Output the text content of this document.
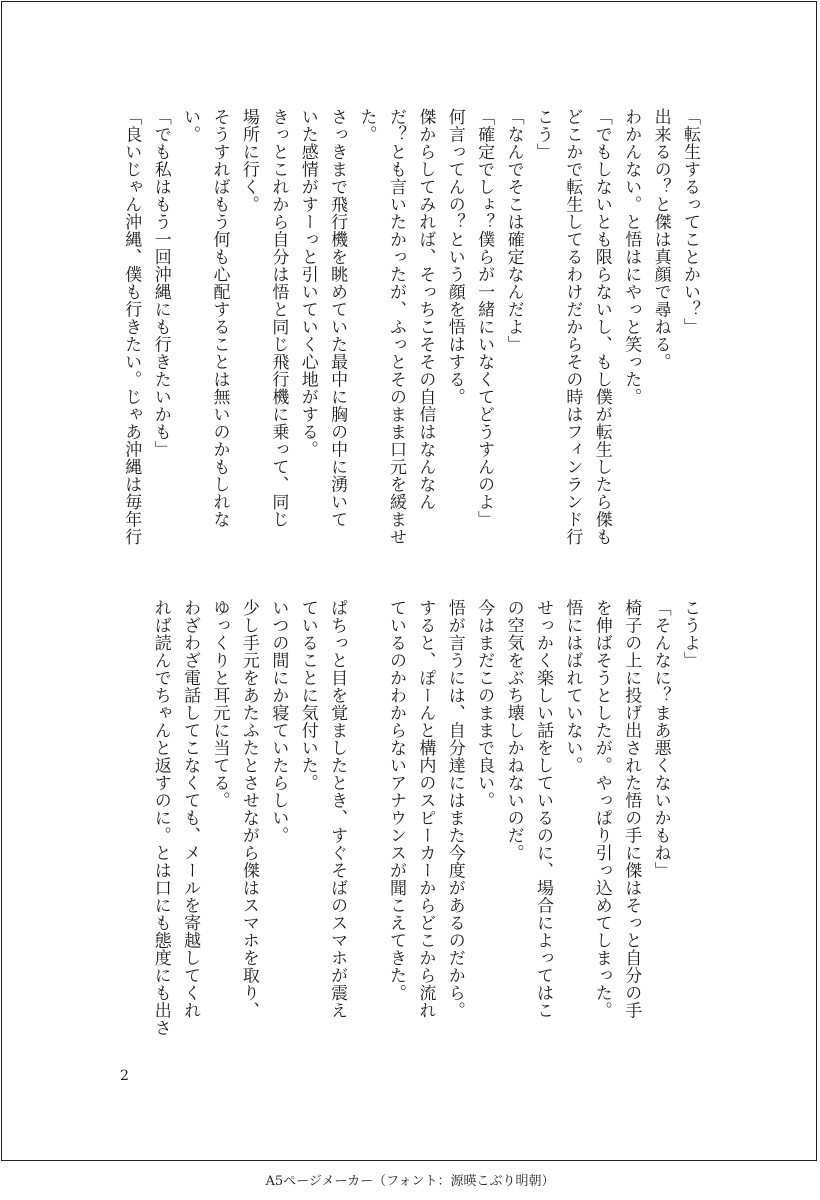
「転生するってことかい？」
出来るの？と傑は真顔で尋ねる。
わかんない。と悟はにやっと笑った。
「でもしないとも限らないし、もし僕が転生したら傑も
どこかで転生してるわけだからその時はフィンランド行
こう」
「なんでそこは確定なんだよ」
「確定でしょ？僕らが一緒にいなくてどうすんのよ」
何言ってんの？という顔を悟はする。
傑からしてみれば、そっちこそその自信はなんなん
だ？とも言いたかったが、ふっとそのまま口元を緩ませ
た。
さっきまで飛行機を眺めていた最中に胸の中に湧いて
いた感情がすーっと引いていく心地がする。
きっとこれから自分は悟と同じ飛行機に乗って、同じ
場所に行く。
そうすればもう何も心配することは無いのかもしれな
い。
「でも私はもう一回沖縄にも行きたいかも」
「良いじゃん沖縄、僕も行きたい。じゃあ沖縄は毎年行
こうよ」
「そんなに？まあ悪くないかもね」
椅子の上に投げ出された悟の手に傑はそっと自分の手
を伸ばそうとしたが。やっぱり引っ込めてしまった。
悟にはばれていない。
せっかく楽しい話をしているのに、場合によってはこ
の空気をぶち壊しかねないのだ。
今はまだこのままで良い。
悟が言うには、自分達にはまた今度があるのだから。
すると、ぽーんと構内のスピーカーからどこから流れ
ているのかわからないアナウンスが聞こえてきた。

ぱちっと目を覚ましたとき、すぐそばのスマホが震え
ていることに気付いた。
いつの間にか寝ていたらしい。
少し手元をあたふたとさせながら傑はスマホを取り、
ゆっくりと耳元に当てる。
わざわざ電話してこなくても、メールを寄越してくれ
れば読んでちゃんと返すのに。とは口にも態度にも出さ
2
A5ページメーカー（フォント：源暎こぶり明朝）
